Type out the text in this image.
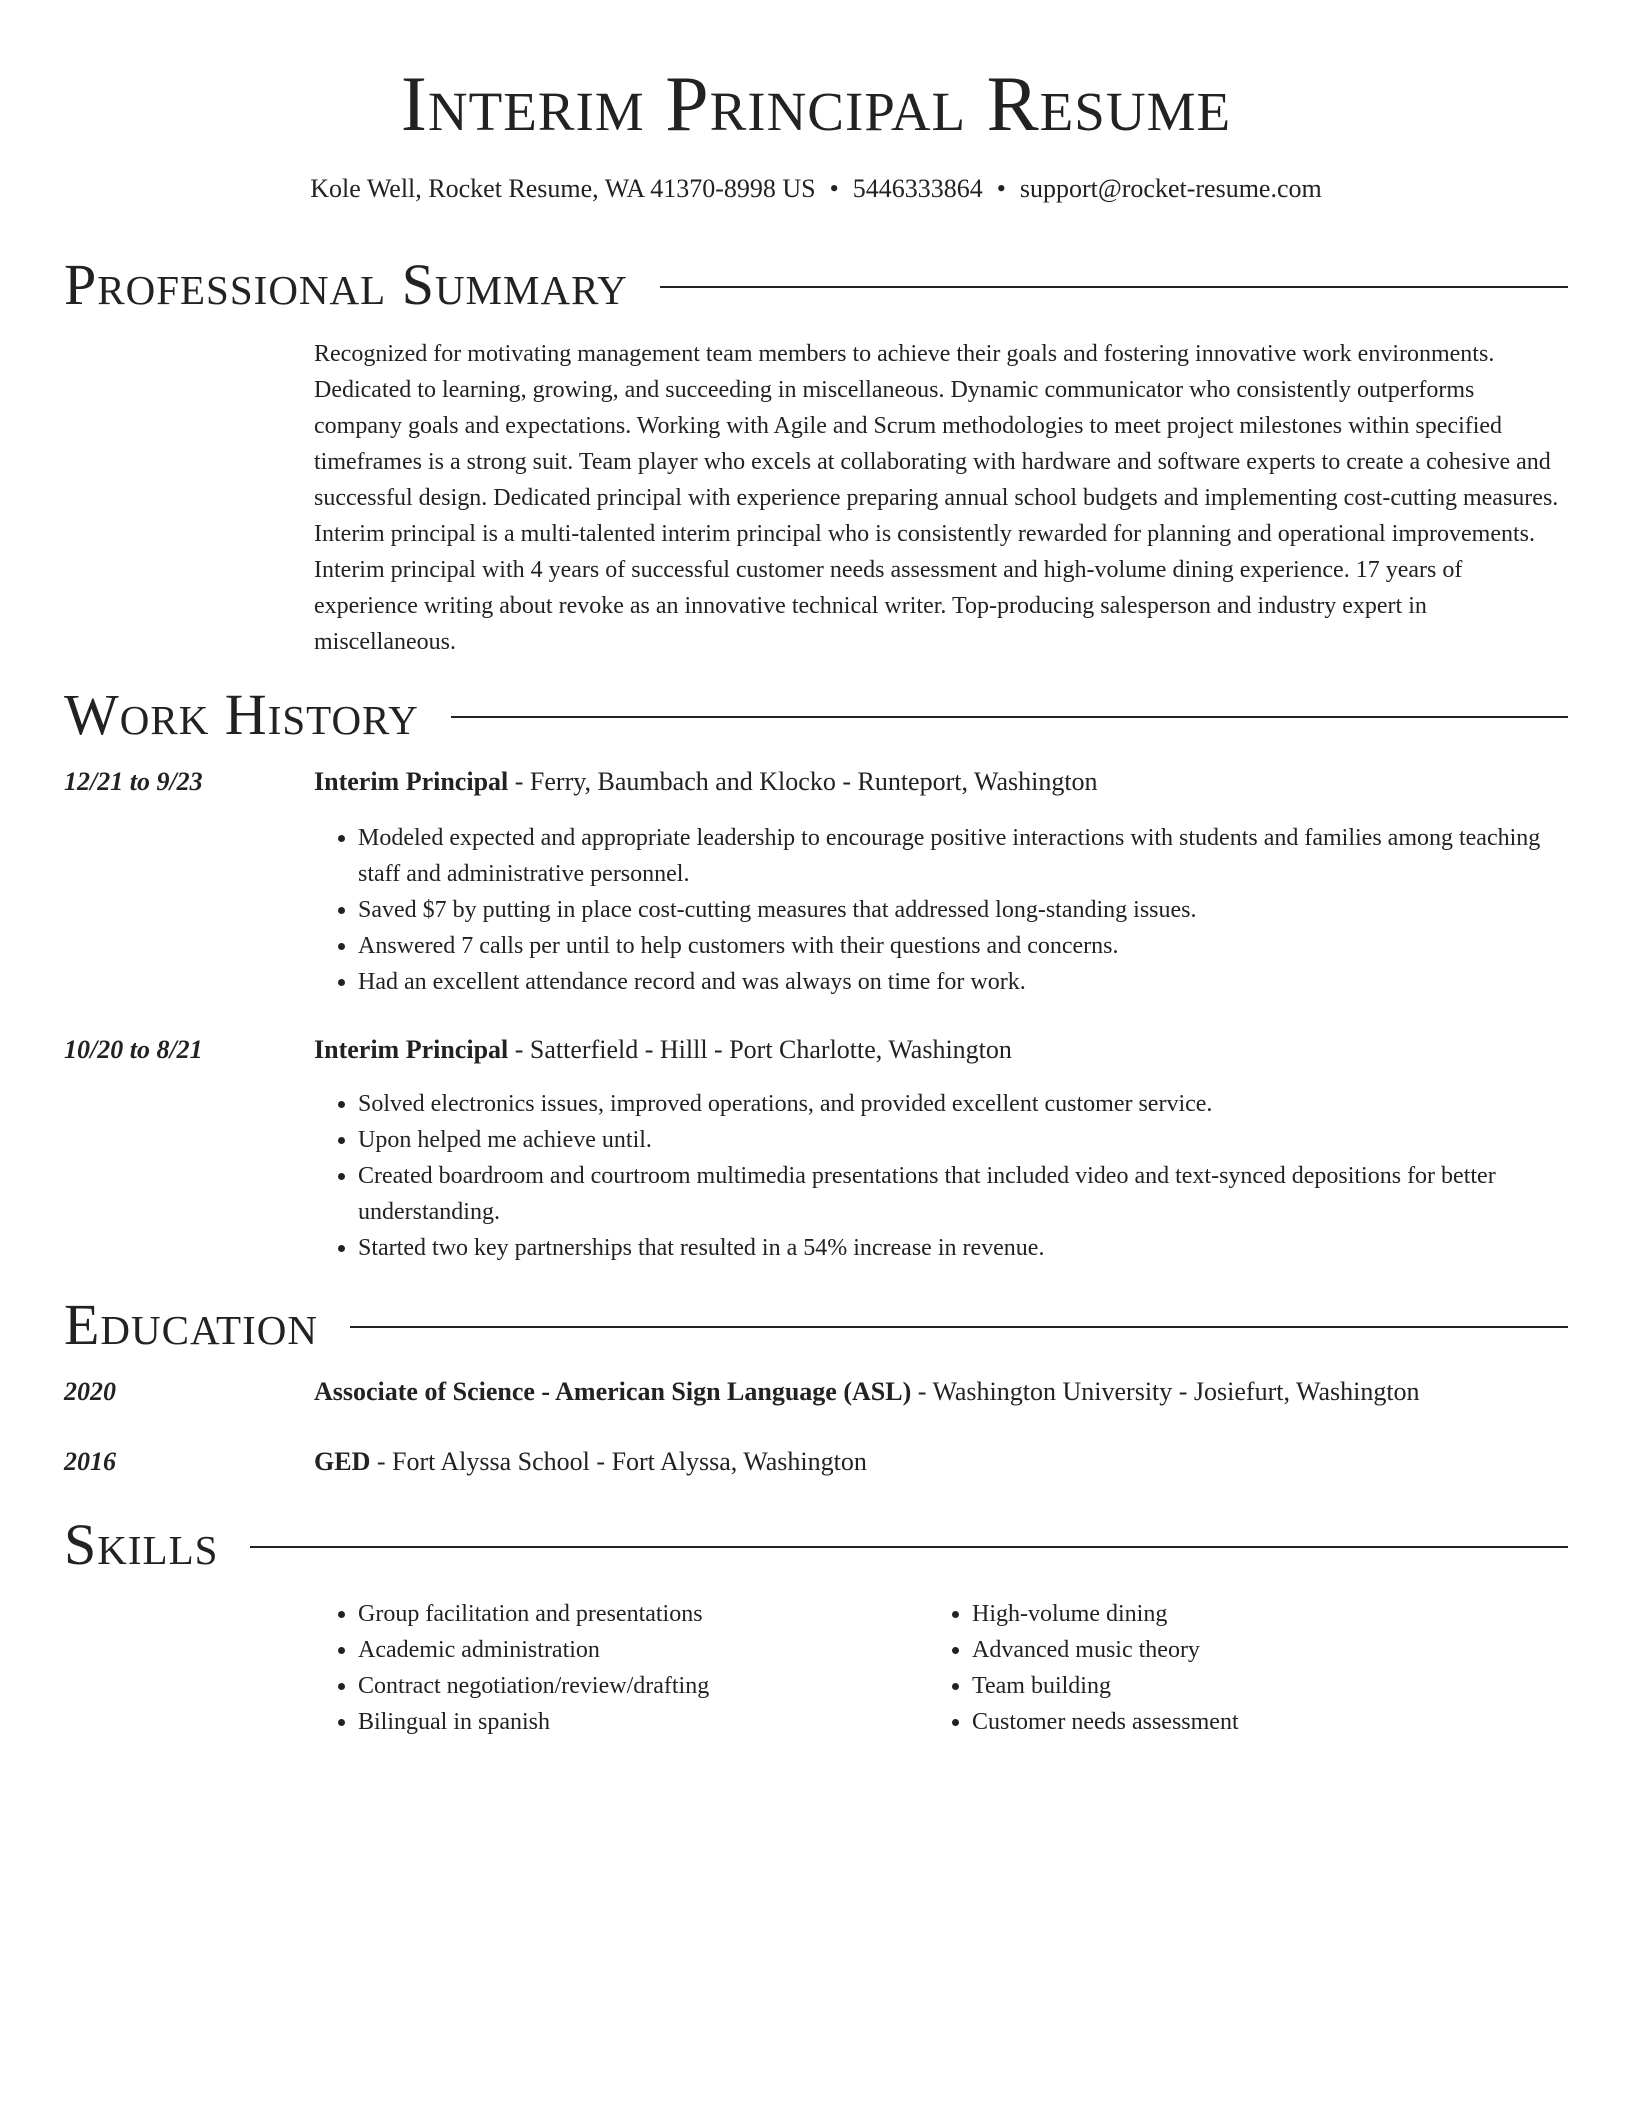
Interim Principal Resume
Kole Well, Rocket Resume, WA 41370-8998 US • 5446333864 • support@rocket-resume.com
Professional Summary

Recognized for motivating management team members to achieve their goals and fostering innovative work environments. Dedicated to learning, growing, and succeeding in miscellaneous. Dynamic communicator who consistently outperforms company goals and expectations. Working with Agile and Scrum methodologies to meet project milestones within specified timeframes is a strong suit. Team player who excels at collaborating with hardware and software experts to create a cohesive and successful design. Dedicated principal with experience preparing annual school budgets and implementing cost-cutting measures. Interim principal is a multi-talented interim principal who is consistently rewarded for planning and operational improvements. Interim principal with 4 years of successful customer needs assessment and high-volume dining experience. 17 years of experience writing about revoke as an innovative technical writer. Top-producing salesperson and industry expert in miscellaneous.

Work History
12/21 to 9/23	Interim Principal - Ferry, Baumbach and Klocko - Runteport, Washington
• Modeled expected and appropriate leadership to encourage positive interactions with students and families among teaching staff and administrative personnel.
• Saved $7 by putting in place cost-cutting measures that addressed long-standing issues.
• Answered 7 calls per until to help customers with their questions and concerns.
• Had an excellent attendance record and was always on time for work.
10/20 to 8/21	Interim Principal - Satterfield - Hilll - Port Charlotte, Washington
• Solved electronics issues, improved operations, and provided excellent customer service.
• Upon helped me achieve until.
• Created boardroom and courtroom multimedia presentations that included video and text-synced depositions for better understanding.
• Started two key partnerships that resulted in a 54% increase in revenue.
Education
2020	Associate of Science - American Sign Language (ASL) - Washington University - Josiefurt, Washington
2016	GED - Fort Alyssa School - Fort Alyssa, Washington
Skills
• Group facilitation and presentations
• Academic administration
• Contract negotiation/review/drafting
• Bilingual in spanish
• High-volume dining
• Advanced music theory
• Team building
• Customer needs assessment
